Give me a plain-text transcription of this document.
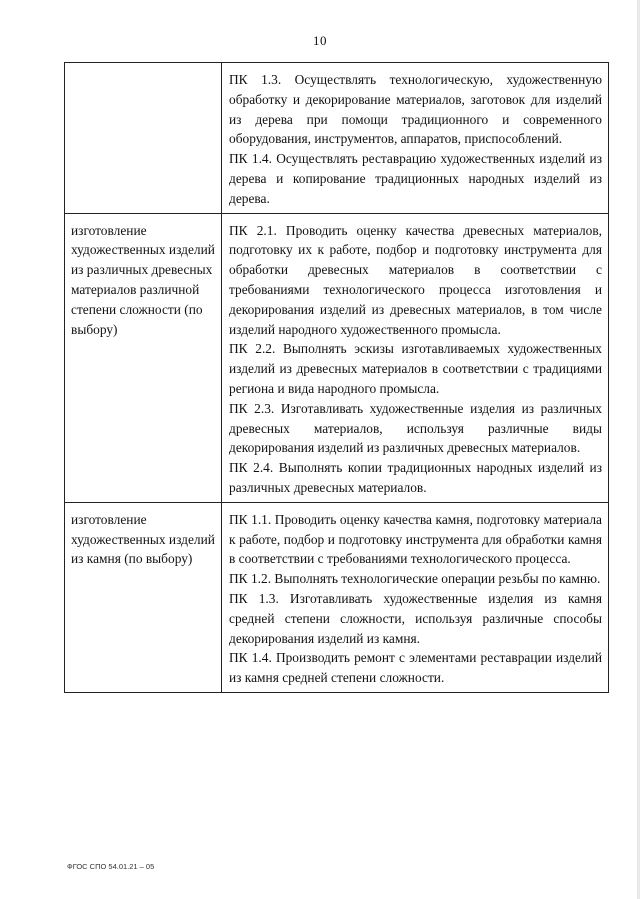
10

	ПК 1.3. Осуществлять технологическую, художественную обработку и декорирование материалов, заготовок для изделий из дерева при помощи традиционного и современного оборудования, инструментов, аппаратов, приспособлений.

ПК 1.4. Осуществлять реставрацию художественных изделий из дерева и копирование традиционных народных изделий из дерева.

изготовление художественных изделий из различных древесных материалов различной степени сложности (по выбору)	ПК 2.1. Проводить оценку качества древесных материалов, подготовку их к работе, подбор и подготовку инструмента для обработки древесных материалов в соответствии с требованиями технологического процесса изготовления и декорирования изделий из древесных материалов, в том числе изделий народного художественного промысла.

ПК 2.2. Выполнять эскизы изготавливаемых художественных изделий из древесных материалов в соответствии с традициями региона и вида народного промысла.

ПК 2.3. Изготавливать художественные изделия из различных древесных материалов, используя различные виды декорирования изделий из различных древесных материалов.

ПК 2.4. Выполнять копии традиционных народных изделий из различных древесных материалов.

изготовление художественных изделий из камня (по выбору)	ПК 1.1. Проводить оценку качества камня, подготовку материала к работе, подбор и подготовку инструмента для обработки камня в соответствии с требованиями технологического процесса.

ПК 1.2. Выполнять технологические операции резьбы по камню.

ПК 1.3. Изготавливать художественные изделия из камня средней степени сложности, используя различные способы декорирования изделий из камня.

ПК 1.4. Производить ремонт с элементами реставрации изделий из камня средней степени сложности.

ФГОС СПО 54.01.21 – 05
